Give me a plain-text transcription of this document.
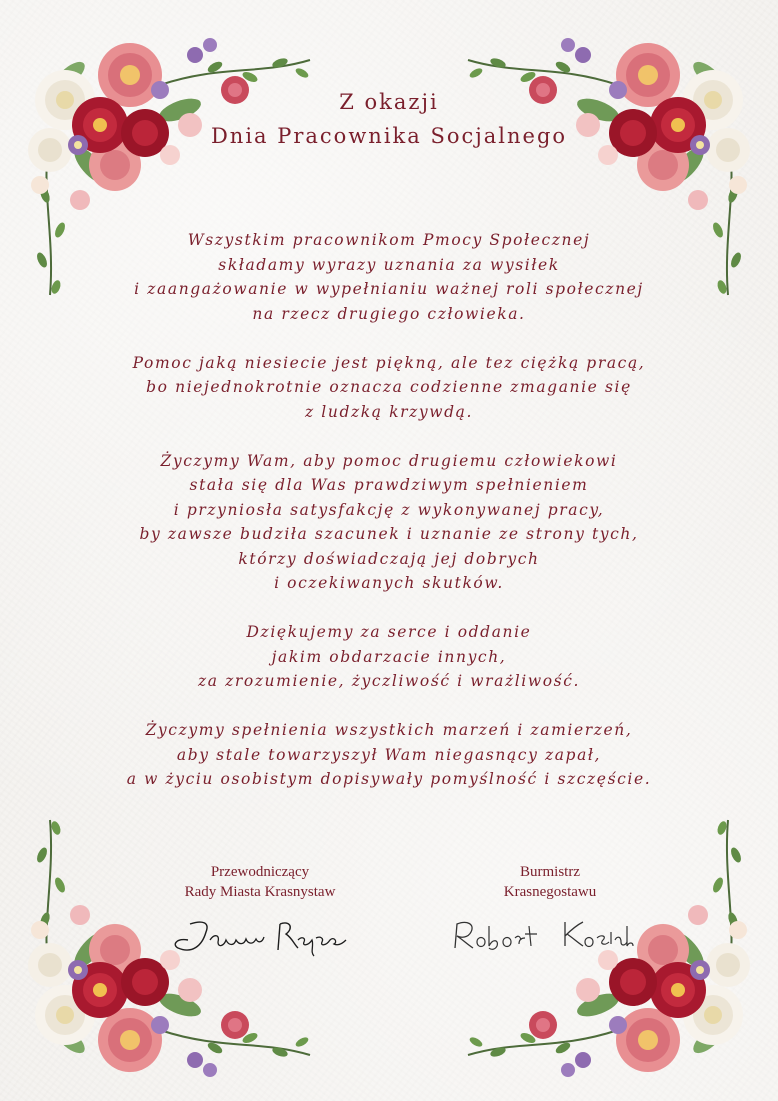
Z okazji
Dnia Pracownika Socjalnego

Wszystkim pracownikom Pmocy Społecznej
składamy wyrazy uznania za wysiłek
i zaangażowanie w wypełnianiu ważnej roli społecznej
na rzecz drugiego człowieka.

Pomoc jaką niesiecie jest piękną, ale tez ciężką pracą,
bo niejednokrotnie oznacza codzienne zmaganie się
z ludzką krzywdą.

Życzymy Wam, aby pomoc drugiemu człowiekowi
stała się dla Was prawdziwym spełnieniem
i przyniosła satysfakcję z wykonywanej pracy,
by zawsze budziła szacunek i uznanie ze strony tych,
którzy doświadczają jej dobrych
i oczekiwanych skutków.

Dziękujemy za serce i oddanie
jakim obdarzacie innych,
za zrozumienie, życzliwość i wrażliwość.

Życzymy spełnienia wszystkich marzeń i zamierzeń,
aby stale towarzyszył Wam niegasnący zapał,
a w życiu osobistym dopisywały pomyślność i szczęście.

Przewodniczący
Rady Miasta Krasnystaw
Burmistrz
Krasnegostawu
